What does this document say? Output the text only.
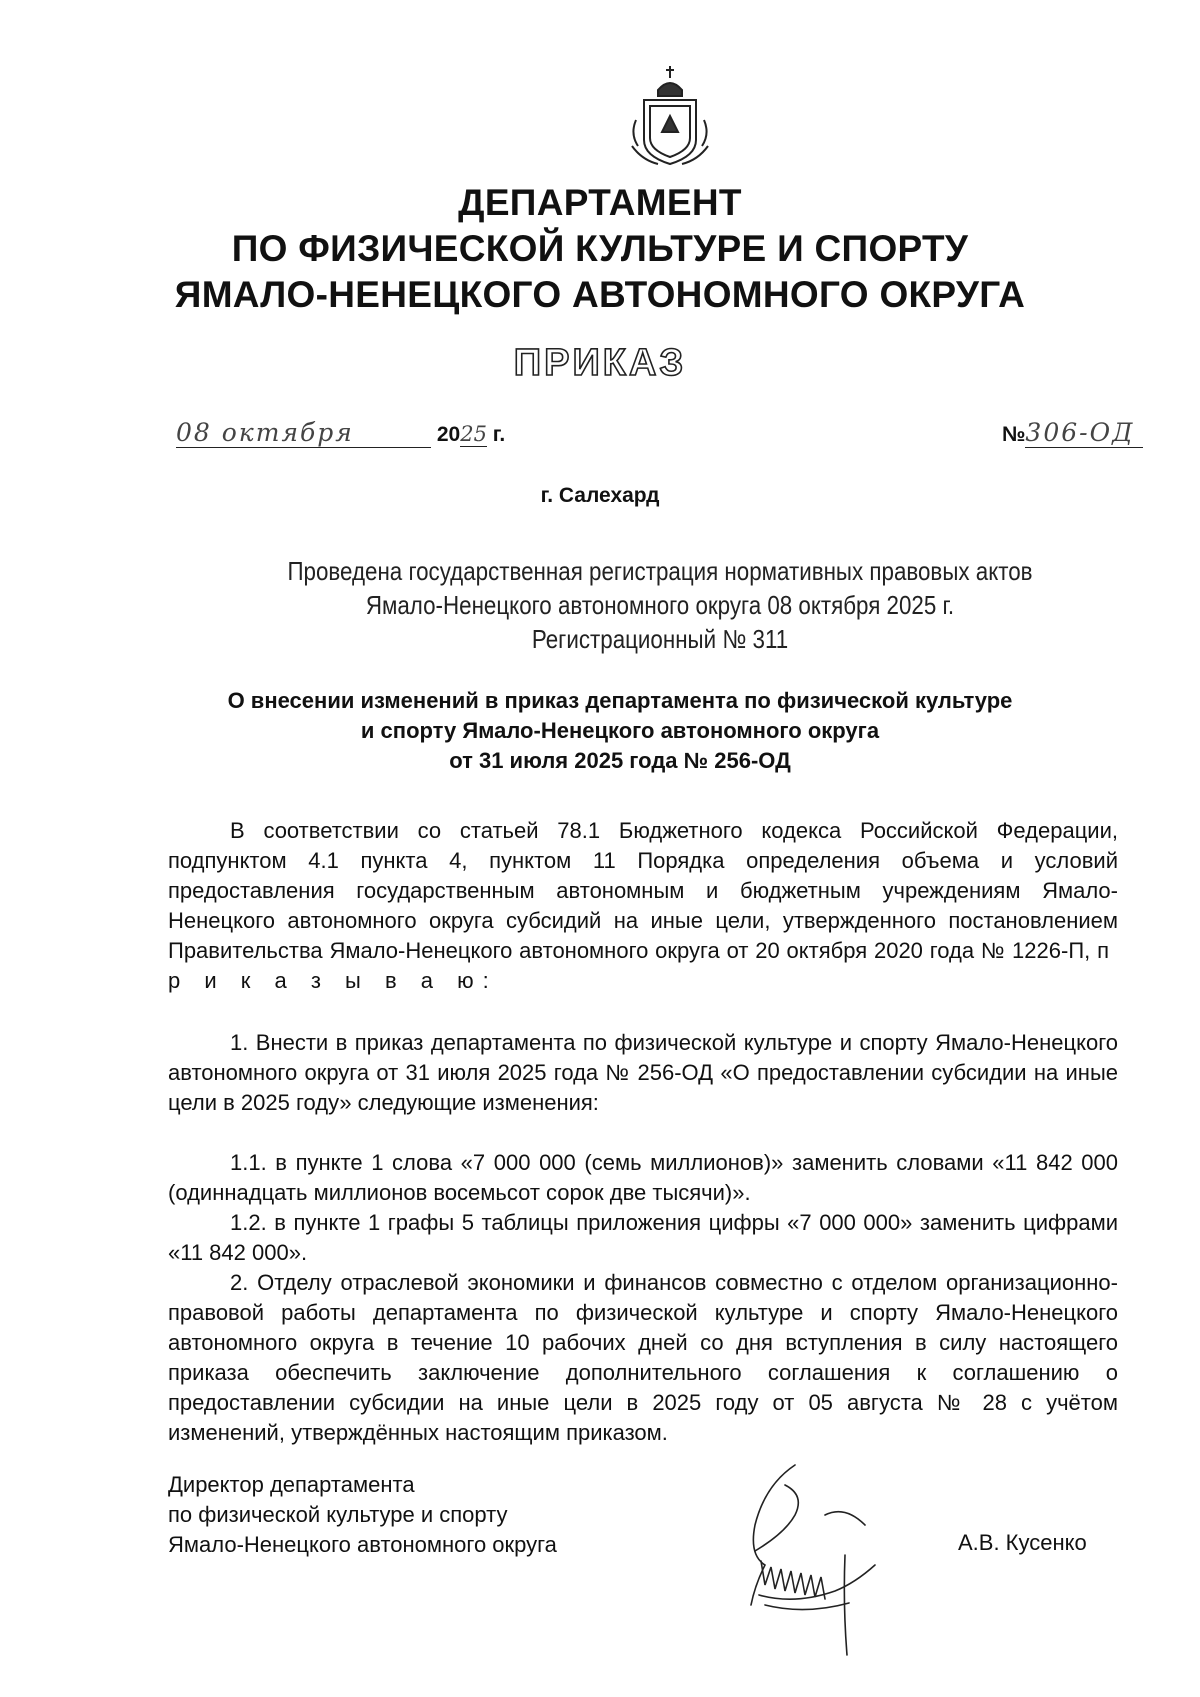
ДЕПАРТАМЕНТ
ПО ФИЗИЧЕСКОЙ КУЛЬТУРЕ И СПОРТУ
ЯМАЛО-НЕНЕЦКОГО АВТОНОМНОГО ОКРУГА
ПРИКАЗ
08 октября	2025 г.	№306-ОД
г. Салехард
Проведена государственная регистрация нормативных правовых актов
Ямало-Ненецкого автономного округа 08 октября 2025 г.
Регистрационный № 311
О внесении изменений в приказ департамента по физической культуре
и спорту Ямало-Ненецкого автономного округа
от 31 июля 2025 года № 256-ОД

В соответствии со статьей 78.1 Бюджетного кодекса Российской Федерации, подпунктом 4.1 пункта 4, пунктом 11 Порядка определения объема и условий предоставления государственным автономным и бюджетным учреждениям Ямало-Ненецкого автономного округа субсидий на иные цели, утвержденного постановлением Правительства Ямало-Ненецкого автономного округа от 20 октября 2020 года № 1226-П, п р и к а з ы в а ю:

1. Внести в приказ департамента по физической культуре и спорту Ямало-Ненецкого автономного округа от 31 июля 2025 года № 256-ОД «О предоставлении субсидии на иные цели в 2025 году» следующие изменения:

1.1. в пункте 1 слова «7 000 000 (семь миллионов)» заменить словами «11 842 000 (одиннадцать миллионов восемьсот сорок две тысячи)».

1.2. в пункте 1 графы 5 таблицы приложения цифры «7 000 000» заменить цифрами «11 842 000».

2. Отделу отраслевой экономики и финансов совместно с отделом организационно-правовой работы департамента по физической культуре и спорту Ямало-Ненецкого автономного округа в течение 10 рабочих дней со дня вступления в силу настоящего приказа обеспечить заключение дополнительного соглашения к соглашению о предоставлении субсидии на иные цели в 2025 году от 05 августа № 28 с учётом изменений, утверждённых настоящим приказом.

Директор департамента
по физической культуре и спорту
Ямало-Ненецкого автономного округа	А.В. Кусенко
